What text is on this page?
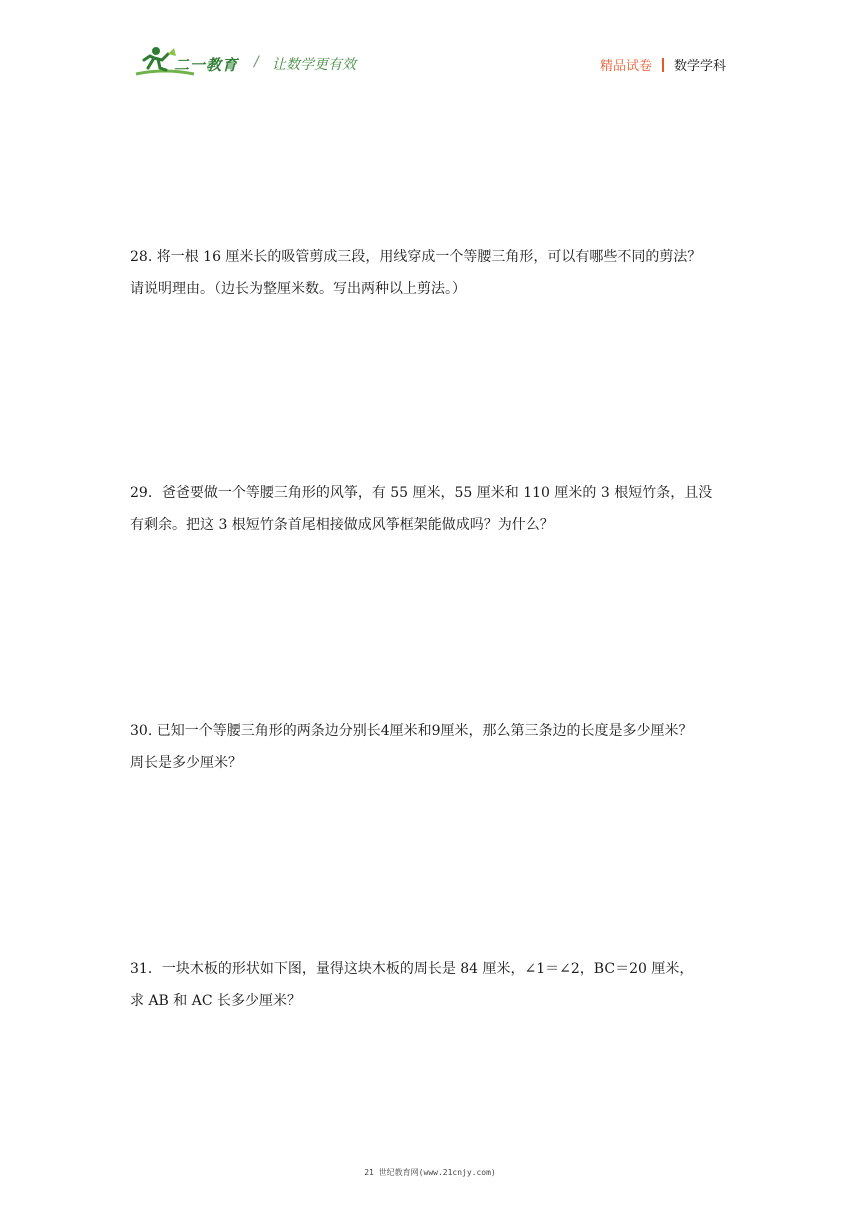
二一教育 / 让数学更有效	精品试卷 数学学科

28. 将一根 16 厘米长的吸管剪成三段，用线穿成一个等腰三角形，可以有哪些不同的剪法？

请说明理由。（边长为整厘米数。写出两种以上剪法。）

29．爸爸要做一个等腰三角形的风筝，有 55 厘米，55 厘米和 110 厘米的 3 根短竹条，且没

有剩余。把这 3 根短竹条首尾相接做成风筝框架能做成吗？为什么？

30. 已知一个等腰三角形的两条边分别长4厘米和9厘米，那么第三条边的长度是多少厘米？

周长是多少厘米？

31．一块木板的形状如下图，量得这块木板的周长是 84 厘米，∠1＝∠2，BC＝20 厘米，

求 AB 和 AC 长多少厘米？

21 世纪教育网(www.21cnjy.com)
